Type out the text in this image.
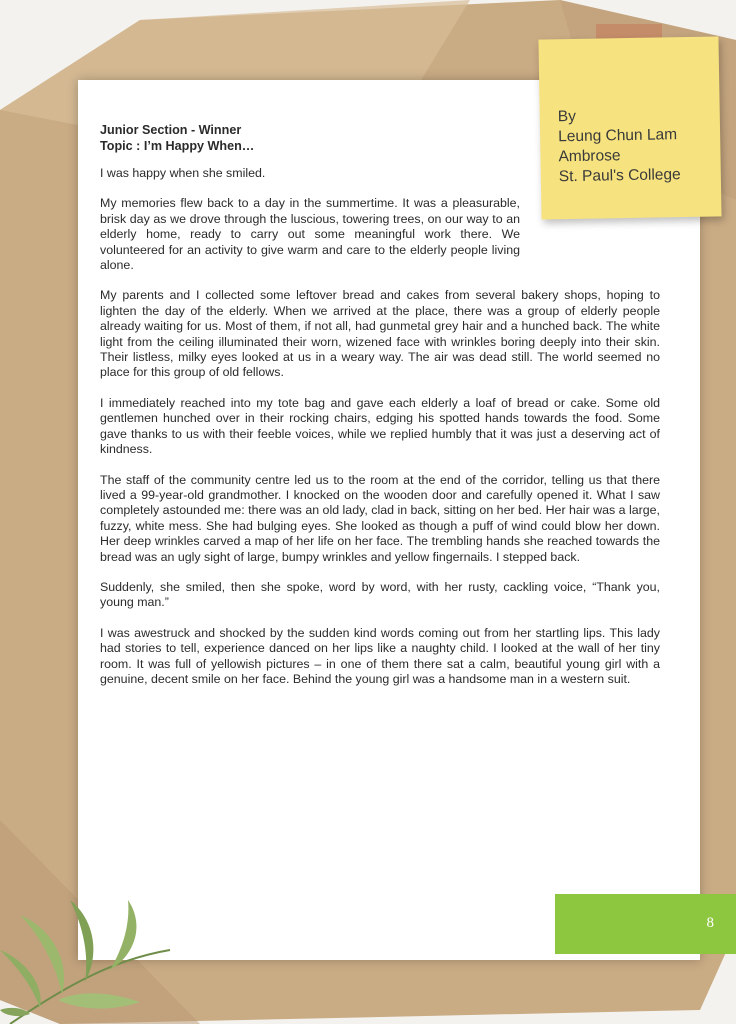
Junior Section - Winner
Topic : I’m Happy When…

I was happy when she smiled.

My memories flew back to a day in the summertime. It was a pleasurable, brisk day as we drove through the luscious, towering trees, on our way to an elderly home, ready to carry out some meaningful work there. We volunteered for an activity to give warm and care to the elderly people living alone.

My parents and I collected some leftover bread and cakes from several bakery shops, hoping to lighten the day of the elderly. When we arrived at the place, there was a group of elderly people already waiting for us. Most of them, if not all, had gunmetal grey hair and a hunched back. The white light from the ceiling illuminated their worn, wizened face with wrinkles boring deeply into their skin. Their listless, milky eyes looked at us in a weary way. The air was dead still. The world seemed no place for this group of old fellows.

I immediately reached into my tote bag and gave each elderly a loaf of bread or cake. Some old gentlemen hunched over in their rocking chairs, edging his spotted hands towards the food. Some gave thanks to us with their feeble voices, while we replied humbly that it was just a deserving act of kindness.

The staff of the community centre led us to the room at the end of the corridor, telling us that there lived a 99-year-old grandmother. I knocked on the wooden door and carefully opened it. What I saw completely astounded me: there was an old lady, clad in back, sitting on her bed. Her hair was a large, fuzzy, white mess. She had bulging eyes. She looked as though a puff of wind could blow her down. Her deep wrinkles carved a map of her life on her face. The trembling hands she reached towards the bread was an ugly sight of large, bumpy wrinkles and yellow fingernails. I stepped back.

Suddenly, she smiled, then she spoke, word by word, with her rusty, cackling voice, “Thank you, young man.”

I was awestruck and shocked by the sudden kind words coming out from her startling lips. This lady had stories to tell, experience danced on her lips like a naughty child. I looked at the wall of her tiny room. It was full of yellowish pictures – in one of them there sat a calm, beautiful young girl with a genuine, decent smile on her face. Behind the young girl was a handsome man in a western suit.

By
Leung Chun Lam
Ambrose
St. Paul's College
8
